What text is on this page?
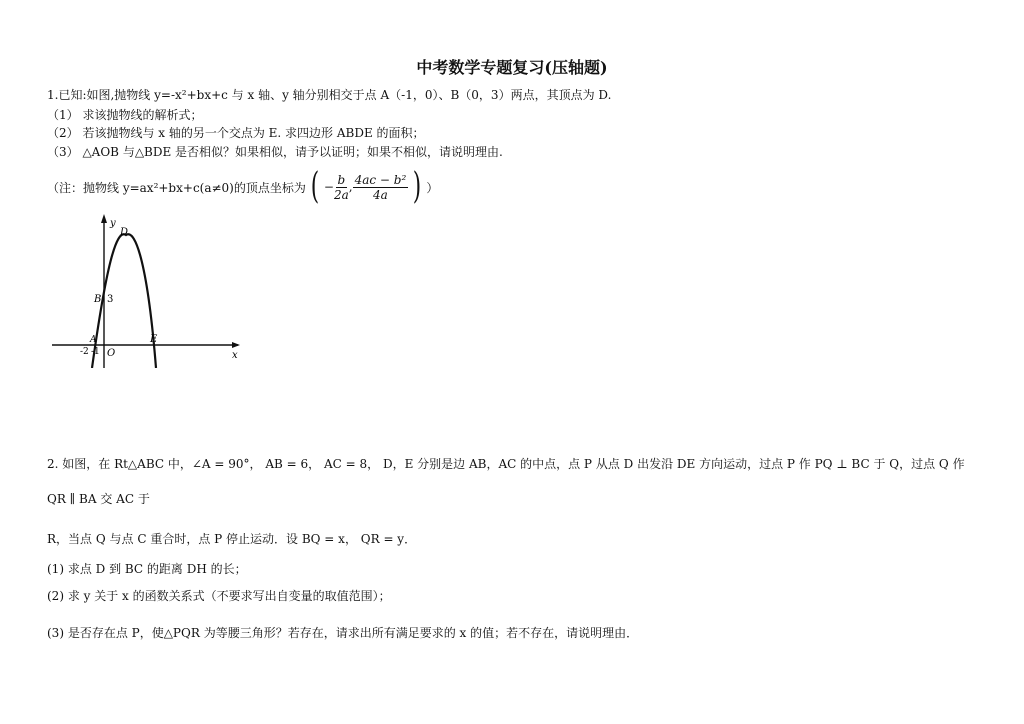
中考数学专题复习(压轴题)
1.已知:如图,抛物线 y=-x²+bx+c 与 x 轴、y 轴分别相交于点 A（-1，0）、B（0，3）两点，其顶点为 D.
（1） 求该抛物线的解析式；
（2） 若该抛物线与 x 轴的另一个交点为 E. 求四边形 ABDE 的面积；
（3） △AOB 与△BDE 是否相似？如果相似，请予以证明；如果不相似，请说明理由.
（注：抛物线 y=ax²+bx+c(a≠0)的顶点坐标为 ( − $\frac{b}{2a}$ , $\frac{\text{4ac − b²}}{4a}$ ) ）
y
x
D
B 3
A
O
E
-2 -1
2. 如图，在 Rt△ABC 中，∠A = 90°， AB = 6， AC = 8， D，E 分别是边 AB，AC 的中点，点 P 从点 D 出发沿 DE 方向运动，过点 P 作 PQ ⊥ BC 于 Q，过点 Q 作
QR ∥ BA 交 AC 于
R，当点 Q 与点 C 重合时，点 P 停止运动．设 BQ = x， QR = y．
(1) 求点 D 到 BC 的距离 DH 的长；
(2) 求 y 关于 x 的函数关系式（不要求写出自变量的取值范围）；
(3) 是否存在点 P，使△PQR 为等腰三角形？若存在，请求出所有满足要求的 x 的值；若不存在，请说明理由．
